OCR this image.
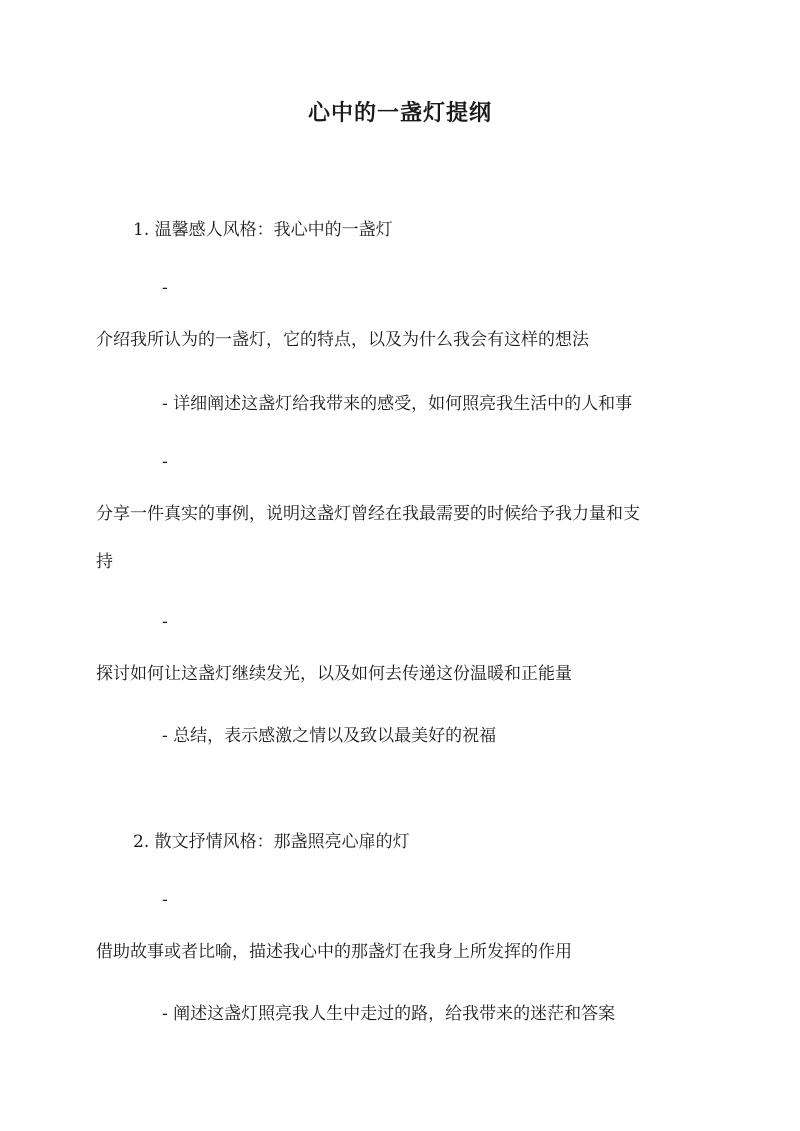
心中的一盏灯提纲
1. 温馨感人风格：我心中的一盏灯
-
介绍我所认为的一盏灯，它的特点，以及为什么我会有这样的想法
- 详细阐述这盏灯给我带来的感受，如何照亮我生活中的人和事
-
分享一件真实的事例，说明这盏灯曾经在我最需要的时候给予我力量和支
持
-
探讨如何让这盏灯继续发光，以及如何去传递这份温暖和正能量
- 总结，表示感激之情以及致以最美好的祝福
2. 散文抒情风格：那盏照亮心扉的灯
-
借助故事或者比喻，描述我心中的那盏灯在我身上所发挥的作用
- 阐述这盏灯照亮我人生中走过的路，给我带来的迷茫和答案
